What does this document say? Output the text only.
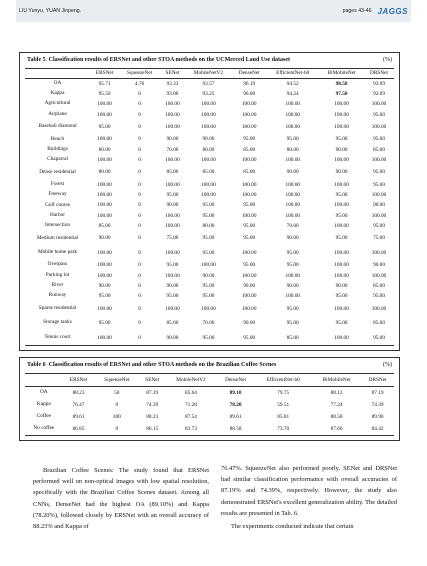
LIU Yunyu, YUAN Jinpeng.	pages 43-46 JAGGS
Table 5 Classification results of ERSNet and other STOA methods on the UCMerced Land Use dataset	(%)
	ERSNet	SqueezeNet	SENet	MobileNetV2	DenseNet	EfficientNet-b0	BiMobileNet	DRSNet
OA	95.71	4.76	93.33	93.57	96.19	94.52	98.58	93.09
Kappa	95.50	0	93.00	93.25	96.00	94.24	97.50	92.09
Agricultural	100.00	0	100.00	100.00	100.00	100.00	100.00	100.00
Airplane	100.00	0	100.00	100.00	100.00	100.00	100.00	95.00
Baseball diamond	95.00	0	100.00	100.00	100.00	100.00	100.00	100.00
Beach	100.00	0	90.00	90.00	95.00	95.00	95.00	95.00
Buildings	80.00	0	70.00	80.00	85.00	80.00	90.00	85.00
Chaparral	100.00	0	100.00	100.00	100.00	100.00	100.00	100.00
Dense residential	80.00	0	85.00	85.00	85.00	90.00	90.00	95.00
Forest	100.00	0	100.00	100.00	100.00	100.00	100.00	95.00
Freeway	100.00	0	95.00	100.00	100.00	100.00	95.00	100.00
Golf course	100.00	0	90.00	95.00	95.00	100.00	100.00	90.00
Harbor	100.00	0	100.00	95.00	100.00	100.00	95.00	100.00
Intersection	85.00	0	100.00	80.00	95.00	70.00	100.00	95.00
Medium residential	90.00	0	75.00	95.00	95.00	90.00	95.00	75.00
Mobile home park	100.00	0	100.00	95.00	100.00	95.00	100.00	100.00
Overpass	100.00	0	95.00	100.00	95.00	95.00	100.00	90.00
Parking lot	100.00	0	100.00	90.00	100.00	100.00	100.00	100.00
River	90.00	0	90.00	95.00	90.00	90.00	90.00	85.00
Runway	95.00	0	95.00	95.00	100.00	100.00	95.00	95.00
Sparse residential	100.00	0	100.00	100.00	100.00	95.00	100.00	100.00
Storage tanks	95.00	0	85.00	70.00	90.00	95.00	95.00	85.00
Tennis court	100.00	0	90.00	95.00	95.00	85.00	100.00	95.00
Table 6 Classification results of ERSNet and other STOA methods on the Brazilian Coffee Scenes	(%)
	ERSNet	SqueezeNet	SENet	MobileNetV2	DenseNet	EfficientNet-b0	BiMobileNet	DRSNet
OA	88.23	50	87.19	85.64	89.10	79.75	88.12	87.19
Kappa	76.47	0	74.39	71.28	78.20	59.51	77.24	74.39
Coffee	89.61	100	88.23	87.54	89.61	85.81	88.58	89.96
No coffee	86.85	0	86.15	83.73	88.58	73.70	87.66	84.42

Brazilian Coffee Scenes: The study found that ERSNet performed well on non-optical images with low spatial resolution, specifically with the Brazilian Coffee Scenes dataset. Among all CNNs, DenseNet had the highest OA (89.10%) and Kappa (78.20%), followed closely by ERSNet with an overall accuracy of 88.23% and Kappa of

76.47%. SqueezeNet also performed poorly. SENet and DRSNet had similar classification performance with overall accuracies of 87.19% and 74.39%, respectively. However, the study also demonstrated ERSNet's excellent generalization ability. The detailed results are presented in Tab. 6.

The experiments conducted indicate that certain
